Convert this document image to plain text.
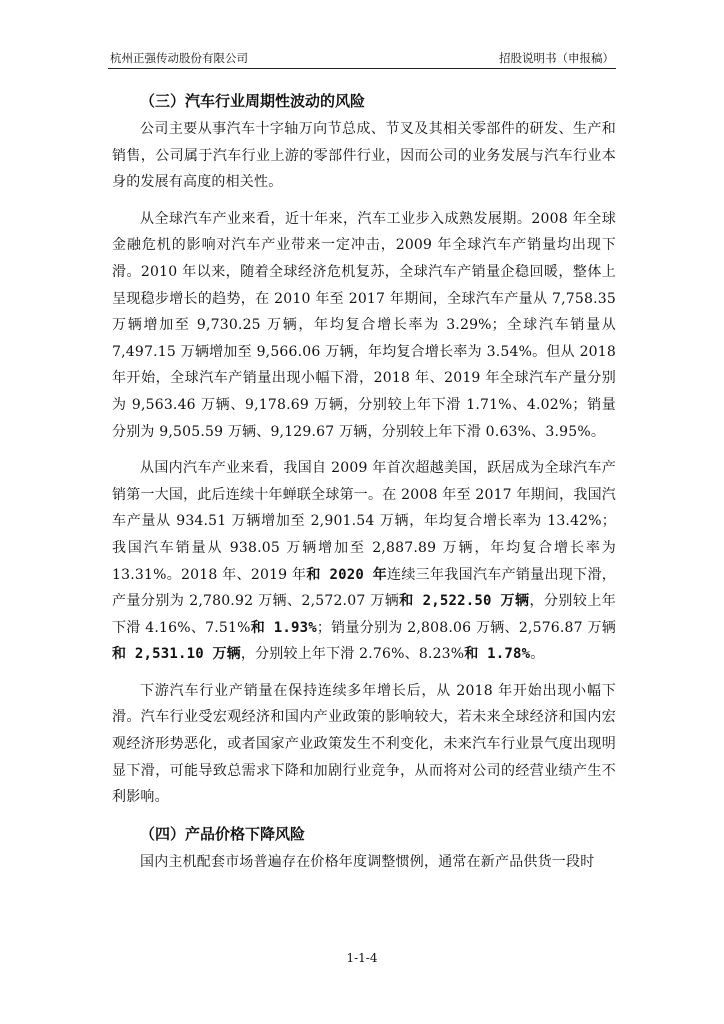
杭州正强传动股份有限公司	招股说明书（申报稿）
（三）汽车行业周期性波动的风险

公司主要从事汽车十字轴万向节总成、节叉及其相关零部件的研发、生产和销售，公司属于汽车行业上游的零部件行业，因而公司的业务发展与汽车行业本身的发展有高度的相关性。

从全球汽车产业来看，近十年来，汽车工业步入成熟发展期。2008 年全球金融危机的影响对汽车产业带来一定冲击，2009 年全球汽车产销量均出现下滑。2010 年以来，随着全球经济危机复苏，全球汽车产销量企稳回暖，整体上呈现稳步增长的趋势，在 2010 年至 2017 年期间，全球汽车产量从 7,758.35 万辆增加至 9,730.25 万辆，年均复合增长率为 3.29%；全球汽车销量从 7,497.15 万辆增加至 9,566.06 万辆，年均复合增长率为 3.54%。但从 2018 年开始，全球汽车产销量出现小幅下滑，2018 年、2019 年全球汽车产量分别为 9,563.46 万辆、9,178.69 万辆，分别较上年下滑 1.71%、4.02%；销量分别为 9,505.59 万辆、9,129.67 万辆，分别较上年下滑 0.63%、3.95%。

从国内汽车产业来看，我国自 2009 年首次超越美国，跃居成为全球汽车产销第一大国，此后连续十年蝉联全球第一。在 2008 年至 2017 年期间，我国汽车产量从 934.51 万辆增加至 2,901.54 万辆，年均复合增长率为 13.42%；我国汽车销量从 938.05 万辆增加至 2,887.89 万辆，年均复合增长率为 13.31%。2018 年、2019 年和 2020 年连续三年我国汽车产销量出现下滑，产量分别为 2,780.92 万辆、2,572.07 万辆和 2,522.50 万辆，分别较上年下滑 4.16%、7.51%和 1.93%；销量分别为 2,808.06 万辆、2,576.87 万辆和 2,531.10 万辆，分别较上年下滑 2.76%、8.23%和 1.78%。

下游汽车行业产销量在保持连续多年增长后，从 2018 年开始出现小幅下滑。汽车行业受宏观经济和国内产业政策的影响较大，若未来全球经济和国内宏观经济形势恶化，或者国家产业政策发生不利变化，未来汽车行业景气度出现明显下滑，可能导致总需求下降和加剧行业竞争，从而将对公司的经营业绩产生不利影响。

（四）产品价格下降风险

国内主机配套市场普遍存在价格年度调整惯例，通常在新产品供货一段时

1-1-4
